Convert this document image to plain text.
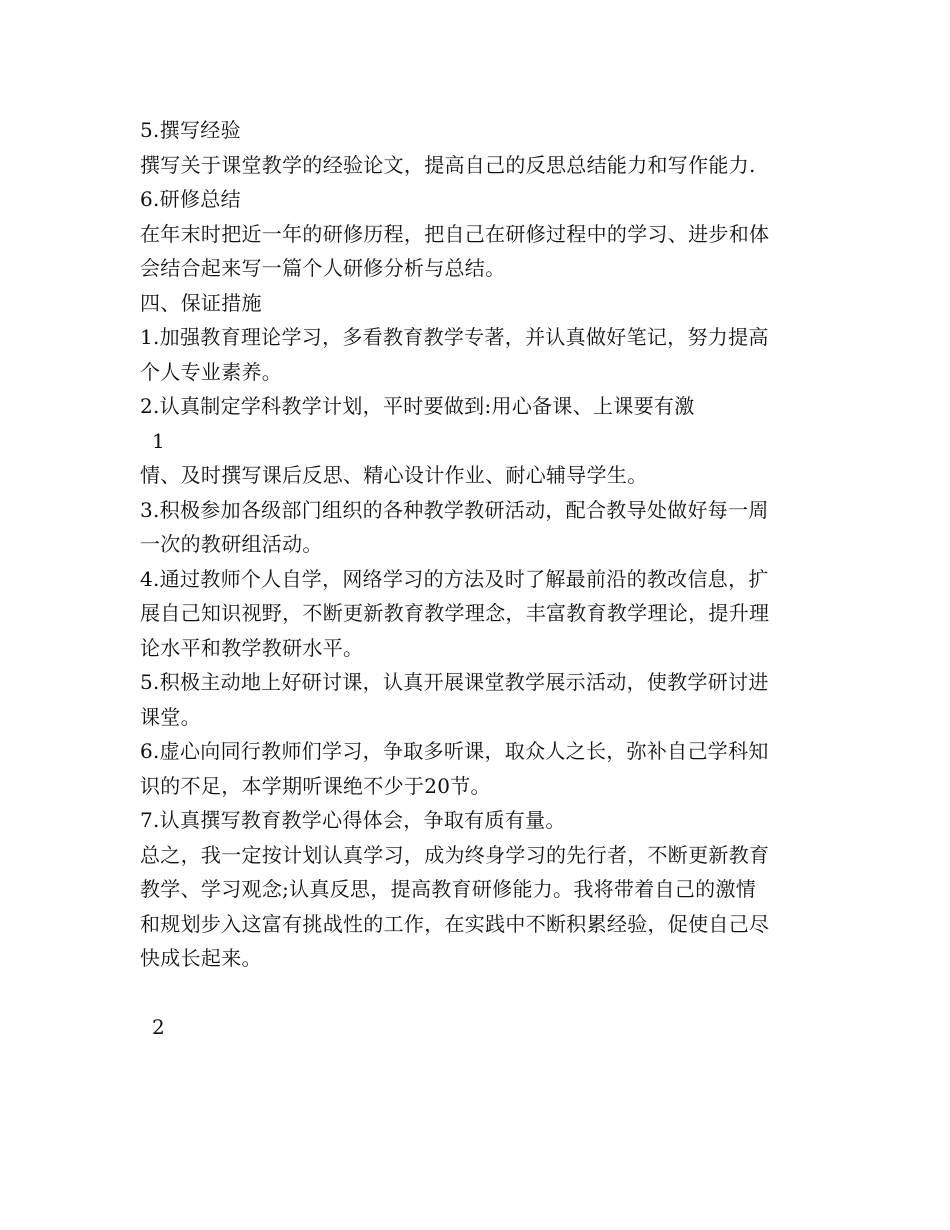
5.撰写经验
撰写关于课堂教学的经验论文，提高自己的反思总结能力和写作能力.
6.研修总结
在年末时把近一年的研修历程，把自己在研修过程中的学习、进步和体
会结合起来写一篇个人研修分析与总结。
四、保证措施
1.加强教育理论学习，多看教育教学专著，并认真做好笔记，努力提高
个人专业素养。
2.认真制定学科教学计划，平时要做到:用心备课、上课要有激
1
情、及时撰写课后反思、精心设计作业、耐心辅导学生。
3.积极参加各级部门组织的各种教学教研活动，配合教导处做好每一周
一次的教研组活动。
4.通过教师个人自学，网络学习的方法及时了解最前沿的教改信息，扩
展自己知识视野，不断更新教育教学理念，丰富教育教学理论，提升理
论水平和教学教研水平。
5.积极主动地上好研讨课，认真开展课堂教学展示活动，使教学研讨进
课堂。
6.虚心向同行教师们学习，争取多听课，取众人之长，弥补自己学科知
识的不足，本学期听课绝不少于20节。
7.认真撰写教育教学心得体会，争取有质有量。
总之，我一定按计划认真学习，成为终身学习的先行者，不断更新教育
教学、学习观念;认真反思，提高教育研修能力。我将带着自己的激情
和规划步入这富有挑战性的工作，在实践中不断积累经验，促使自己尽
快成长起来。
2
